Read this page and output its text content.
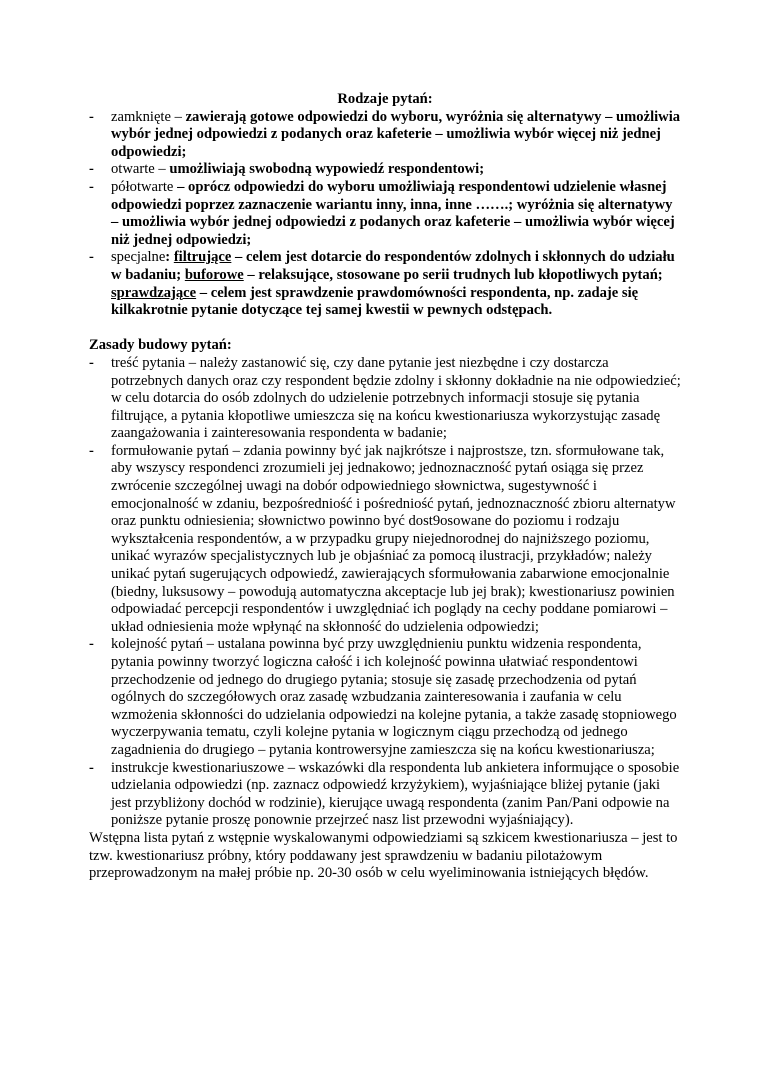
Rodzaje pytań:

- zamknięte – zawierają gotowe odpowiedzi do wyboru, wyróżnia się alternatywy – umożliwia wybór jednej odpowiedzi z podanych oraz kafeterie – umożliwia wybór więcej niż jednej odpowiedzi;
- otwarte – umożliwiają swobodną wypowiedź respondentowi;
- półotwarte – oprócz odpowiedzi do wyboru umożliwiają respondentowi udzielenie własnej odpowiedzi poprzez zaznaczenie wariantu inny, inna, inne …….; wyróżnia się alternatywy – umożliwia wybór jednej odpowiedzi z podanych oraz kafeterie – umożliwia wybór więcej niż jednej odpowiedzi;
- specjalne: filtrujące – celem jest dotarcie do respondentów zdolnych i skłonnych do udziału w badaniu; buforowe – relaksujące, stosowane po serii trudnych lub kłopotliwych pytań; sprawdzające – celem jest sprawdzenie prawdomówności respondenta, np. zadaje się kilkakrotnie pytanie dotyczące tej samej kwestii w pewnych odstępach.

Zasady budowy pytań:

- treść pytania – należy zastanowić się, czy dane pytanie jest niezbędne i czy dostarcza potrzebnych danych oraz czy respondent będzie zdolny i skłonny dokładnie na nie odpowiedzieć; w celu dotarcia do osób zdolnych do udzielenie potrzebnych informacji stosuje się pytania filtrujące, a pytania kłopotliwe umieszcza się na końcu kwestionariusza wykorzystując zasadę zaangażowania i zainteresowania respondenta w badanie;
- formułowanie pytań – zdania powinny być jak najkrótsze i najprostsze, tzn. sformułowane tak, aby wszyscy respondenci zrozumieli jej jednakowo; jednoznaczność pytań osiąga się przez zwrócenie szczególnej uwagi na dobór odpowiedniego słownictwa, sugestywność i emocjonalność w zdaniu, bezpośredniość i pośredniość pytań, jednoznaczność zbioru alternatyw oraz punktu odniesienia; słownictwo powinno być dost9osowane do poziomu i rodzaju wykształcenia respondentów, a w przypadku grupy niejednorodnej do najniższego poziomu, unikać wyrazów specjalistycznych lub je objaśniać za pomocą ilustracji, przykładów; należy unikać pytań sugerujących odpowiedź, zawierających sformułowania zabarwione emocjonalnie (biedny, luksusowy – powodują automatyczna akceptacje lub jej brak); kwestionariusz powinien odpowiadać percepcji respondentów i uwzględniać ich poglądy na cechy poddane pomiarowi – układ odniesienia może wpłynąć na skłonność do udzielenia odpowiedzi;
- kolejność pytań – ustalana powinna być przy uwzględnieniu punktu widzenia respondenta, pytania powinny tworzyć logiczna całość i ich kolejność powinna ułatwiać respondentowi przechodzenie od jednego do drugiego pytania; stosuje się zasadę przechodzenia od pytań ogólnych do szczegółowych oraz zasadę wzbudzania zainteresowania i zaufania w celu wzmożenia skłonności do udzielania odpowiedzi na kolejne pytania, a także zasadę stopniowego wyczerpywania tematu, czyli kolejne pytania w logicznym ciągu przechodzą od jednego zagadnienia do drugiego – pytania kontrowersyjne zamieszcza się na końcu kwestionariusza;
- instrukcje kwestionariuszowe – wskazówki dla respondenta lub ankietera informujące o sposobie udzielania odpowiedzi (np. zaznacz odpowiedź krzyżykiem), wyjaśniające bliżej pytanie (jaki jest przybliżony dochód w rodzinie), kierujące uwagą respondenta (zanim Pan/Pani odpowie na poniższe pytanie proszę ponownie przejrzeć nasz list przewodni wyjaśniający).

Wstępna lista pytań z wstępnie wyskalowanymi odpowiedziami są szkicem kwestionariusza – jest to tzw. kwestionariusz próbny, który poddawany jest sprawdzeniu w badaniu pilotażowym przeprowadzonym na małej próbie np. 20-30 osób w celu wyeliminowania istniejących błędów.
